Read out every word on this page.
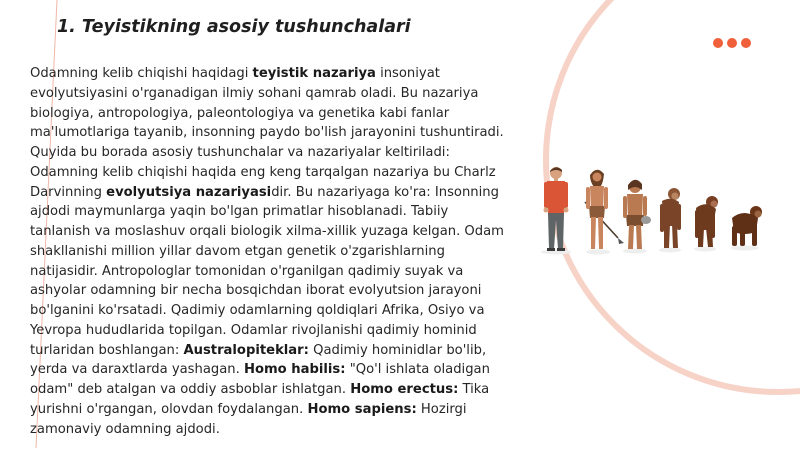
1. Teyistikning asosiy tushunchalari

Odamning kelib chiqishi haqidagi teyistik nazariya insoniyat evolyutsiyasini o'rganadigan ilmiy sohani qamrab oladi. Bu nazariya biologiya, antropologiya, paleontologiya va genetika kabi fanlar ma'lumotlariga tayanib, insonning paydo bo'lish jarayonini tushuntiradi. Quyida bu borada asosiy tushunchalar va nazariyalar keltiriladi: Odamning kelib chiqishi haqida eng keng tarqalgan nazariya bu Charlz Darvinning evolyutsiya nazariyasidir. Bu nazariyaga ko'ra: Insonning ajdodi maymunlarga yaqin bo'lgan primatlar hisoblanadi. Tabiiy tanlanish va moslashuv orqali biologik xilma-xillik yuzaga kelgan. Odam shakllanishi million yillar davom etgan genetik o'zgarishlarning natijasidir. Antropologlar tomonidan o'rganilgan qadimiy suyak va ashyolar odamning bir necha bosqichdan iborat evolyutsion jarayoni bo'lganini ko'rsatadi. Qadimiy odamlarning qoldiqlari Afrika, Osiyo va Yevropa hududlarida topilgan. Odamlar rivojlanishi qadimiy hominid turlaridan boshlangan: Australopiteklar: Qadimiy hominidlar bo'lib, yerda va daraxtlarda yashagan. Homo habilis: "Qo'l ishlata oladigan odam" deb atalgan va oddiy asboblar ishlatgan. Homo erectus: Tika yurishni o'rgangan, olovdan foydalangan. Homo sapiens: Hozirgi zamonaviy odamning ajdodi.
